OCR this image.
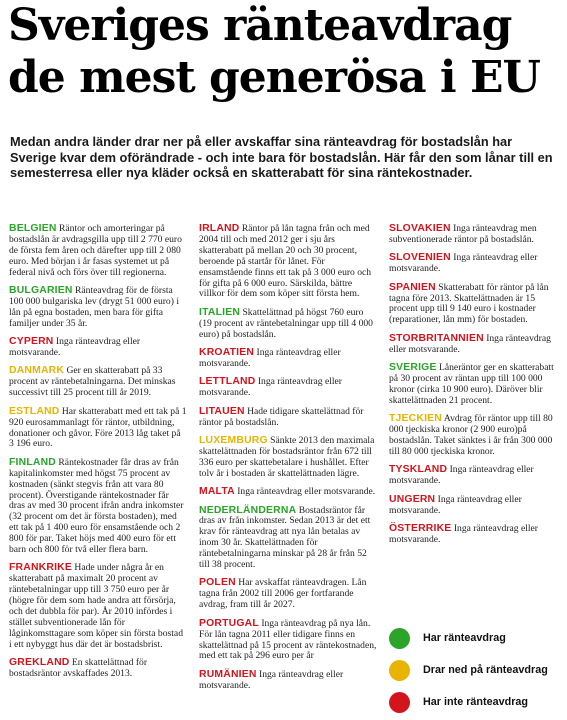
Sveriges ränteavdrag
de mest generösa i EU
Medan andra länder drar ner på eller avskaffar sina ränteavdrag för bostadslån har Sverige kvar dem oförändrade - och inte bara för bostadslån. Här får den som lånar till en semesterresa eller nya kläder också en skatterabatt för sina räntekostnader.
BELGIEN Räntor och amorteringar på bostadslån är avdragsgilla upp till 2 770 euro de första fem åren och därefter upp till 2 080 euro. Med början i år fasas systemet ut på federal nivå och förs över till regionerna.
BULGARIEN Ränteavdrag för de första 100 000 bulgariska lev (drygt 51 000 euro) i lån på egna bostaden, men bara för gifta familjer under 35 år.
CYPERN Inga ränteavdrag eller motsvarande.
DANMARK Ger en skatterabatt på 33 procent av räntebetalningarna. Det minskas successivt till 25 procent till år 2019.
ESTLAND Har skatterabatt med ett tak på 1 920 eurosammanlagt för räntor, utbildning, donationer och gåvor. Före 2013 låg taket på 3 196 euro.
FINLAND Räntekostnader får dras av från kapitalinkomster med högst 75 procent av kostnaden (sänkt stegvis från att vara 80 procent). Överstigande räntekostnader får dras av med 30 procent ifrån andra inkomster (32 procent om det är första bostaden), med ett tak på 1 400 euro för ensamstående och 2 800 för par. Taket höjs med 400 euro för ett barn och 800 för två eller flera barn.
FRANKRIKE Hade under några år en skatterabatt på maximalt 20 procent av räntebetalningar upp till 3 750 euro per år (högre för dem som hade andra att försörja, och det dubbla för par). År 2010 infördes i stället subventionerade lån för låginkomsttagare som köper sin första bostad i ett nybyggt hus där det är bostadsbrist.
GREKLAND En skattelättnad för bostadsräntor avskaffades 2013.
IRLAND Räntor på lån tagna från och med 2004 till och med 2012 ger i sju års skatterabatt på mellan 20 och 30 procent, beroende på startår för lånet. För ensamstående finns ett tak på 3 000 euro och för gifta på 6 000 euro. Särskilda, bättre villkor för dem som köper sitt första hem.
ITALIEN Skattelättnad på högst 760 euro (19 procent av räntebetalningar upp till 4 000 euro) på bostadslån.
KROATIEN Inga ränteavdrag eller motsvarande.
LETTLAND Inga ränteavdrag eller motsvarande.
LITAUEN Hade tidigare skattelättnad för räntor på bostadslån.
LUXEMBURG Sänkte 2013 den maximala skattelättnaden för bostadsräntor från 672 till 336 euro per skattebetalare i hushållet. Efter tolv år i bostaden är skattelättnaden lägre.
MALTA Inga ränteavdrag eller motsvarande.
NEDERLÄNDERNA Bostadsräntor får dras av från inkomster. Sedan 2013 är det ett krav för ränteavdrag att nya lån betalas av inom 30 år. Skattelättnaden för räntebetalningarna minskar på 28 år från 52 till 38 procent.
POLEN Har avskaffat ränteavdragen. Lån tagna från 2002 till 2006 ger fortfarande avdrag, fram till år 2027.
PORTUGAL Inga ränteavdrag på nya lån. För lån tagna 2011 eller tidigare finns en skattelättnad på 15 procent av räntekostnaden, med ett tak på 296 euro per år
RUMÄNIEN Inga ränteavdrag eller motsvarande.
SLOVAKIEN Inga ränteavdrag men subventionerade räntor på bostadslån.
SLOVENIEN Inga ränteavdrag eller motsvarande.
SPANIEN Skatterabatt för räntor på lån tagna före 2013. Skattelättnaden är 15 procent upp till 9 140 euro i kostnader (reparationer, lån mm) för bostaden.
STORBRITANNIEN Inga ränteavdrag eller motsvarande.
SVERIGE Låneräntor ger en skatterabatt på 30 procent av räntan upp till 100 000 kronor (cirka 10 900 euro). Däröver blir skattelättnaden 21 procent.
TJECKIEN Avdrag för räntor upp till 80 000 tjeckiska kronor (2 900 euro)på bostadslån. Taket sänktes i år från 300 000 till 80 000 tjeckiska kronor.
TYSKLAND Inga ränteavdrag eller motsvarande.
UNGERN Inga ränteavdrag eller motsvarande.
ÖSTERRIKE Inga ränteavdrag eller motsvarande.
Har ränteavdrag
Drar ned på ränteavdrag
Har inte ränteavdrag
